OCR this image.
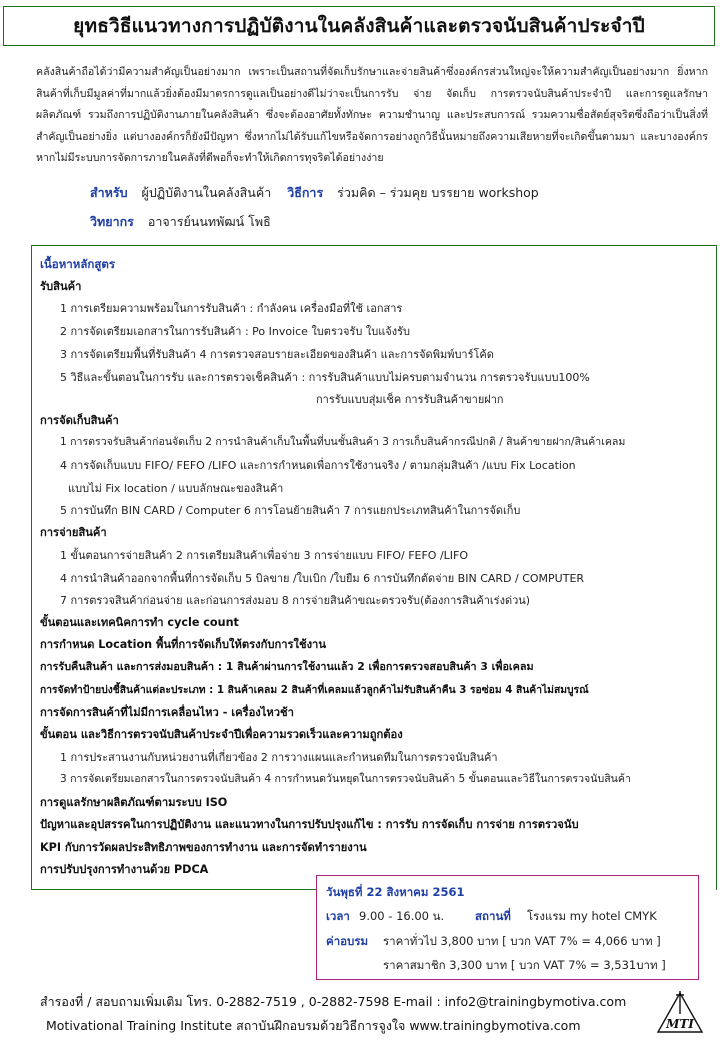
ยุทธวิธีแนวทางการปฏิบัติงานในคลังสินค้าและตรวจนับสินค้าประจำปี
คลังสินค้าถือได้ว่ามีความสำคัญเป็นอย่างมาก เพราะเป็นสถานที่จัดเก็บรักษาและจ่ายสินค้าซึ่งองค์กรส่วนใหญ่จะให้ความสำคัญเป็นอย่างมาก ยิ่งหากสินค้าที่เก็บมีมูลค่าที่มากแล้วยิ่งต้องมีมาตรการดูแลเป็นอย่างดีไม่ว่าจะเป็นการรับ จ่าย จัดเก็บ การตรวจนับสินค้าประจำปี และการดูแลรักษาผลิตภัณฑ์ รวมถึงการปฏิบัติงานภายในคลังสินค้า ซึ่งจะต้องอาศัยทั้งทักษะ ความชำนาญ และประสบการณ์ รวมความซื่อสัตย์สุจริตซึ่งถือว่าเป็นสิ่งที่สำคัญเป็นอย่างยิ่ง แต่บางองค์กรก็ยังมีปัญหา ซึ่งหากไม่ได้รับแก้ไขหรือจัดการอย่างถูกวิธีนั้นหมายถึงความเสียหายที่จะเกิดขึ้นตามมา และบางองค์กรหากไม่มีระบบการจัดการภายในคลังที่ดีพอก็จะทำให้เกิดการทุจริตได้อย่างง่าย
สำหรับ ผู้ปฏิบัติงานในคลังสินค้า วิธีการ ร่วมคิด – ร่วมคุย บรรยาย workshop
วิทยากร อาจารย์นนทพัฒน์ โพธิ
เนื้อหาหลักสูตร
รับสินค้า
1 การเตรียมความพร้อมในการรับสินค้า : กำลังคน เครื่องมือที่ใช้ เอกสาร
2 การจัดเตรียมเอกสารในการรับสินค้า : Po Invoice ใบตรวจรับ ใบแจ้งรับ
3 การจัดเตรียมพื้นที่รับสินค้า 4 การตรวจสอบรายละเอียดของสินค้า และการจัดพิมพ์บาร์โค้ด
5 วิธีและขั้นตอนในการรับ และการตรวจเช็คสินค้า : การรับสินค้าแบบไม่ครบตามจำนวน การตรวจรับแบบ100%
การรับแบบสุ่มเช็ค การรับสินค้าขายฝาก
การจัดเก็บสินค้า
1 การตรวจรับสินค้าก่อนจัดเก็บ 2 การนำสินค้าเก็บในพื้นที่บนชั้นสินค้า 3 การเก็บสินค้ากรณีปกติ / สินค้าขายฝาก/สินค้าเคลม
4 การจัดเก็บแบบ FIFO/ FEFO /LIFO และการกำหนดเพื่อการใช้งานจริง / ตามกลุ่มสินค้า /แบบ Fix Location
แบบไม่ Fix location / แบบลักษณะของสินค้า
5 การบันทึก BIN CARD / Computer 6 การโอนย้ายสินค้า 7 การแยกประเภทสินค้าในการจัดเก็บ
การจ่ายสินค้า
1 ขั้นตอนการจ่ายสินค้า 2 การเตรียมสินค้าเพื่อจ่าย 3 การจ่ายแบบ FIFO/ FEFO /LIFO
4 การนำสินค้าออกจากพื้นที่การจัดเก็บ 5 บิลขาย /ใบเบิก /ใบยืม 6 การบันทึกตัดจ่าย BIN CARD / COMPUTER
7 การตรวจสินค้าก่อนจ่าย และก่อนการส่งมอบ 8 การจ่ายสินค้าขณะตรวจรับ(ต้องการสินค้าเร่งด่วน)
ขั้นตอนและเทคนิคการทำ cycle count
การกำหนด Location พื้นที่การจัดเก็บให้ตรงกับการใช้งาน
การรับคืนสินค้า และการส่งมอบสินค้า : 1 สินค้าผ่านการใช้งานแล้ว 2 เพื่อการตรวจสอบสินค้า 3 เพื่อเคลม
การจัดทำป้ายบ่งชี้สินค้าแต่ละประเภท : 1 สินค้าเคลม 2 สินค้าที่เคลมแล้วลูกค้าไม่รับสินค้าคืน 3 รอซ่อม 4 สินค้าไม่สมบูรณ์
การจัดการสินค้าที่ไม่มีการเคลื่อนไหว - เครื่องไหวช้า
ขั้นตอน และวิธีการตรวจนับสินค้าประจำปีเพื่อความรวดเร็วและความถูกต้อง
1 การประสานงานกับหน่วยงานที่เกี่ยวข้อง 2 การวางแผนและกำหนดทีมในการตรวจนับสินค้า
3 การจัดเตรียมเอกสารในการตรวจนับสินค้า 4 การกำหนดวันหยุดในการตรวจนับสินค้า 5 ขั้นตอนและวิธีในการตรวจนับสินค้า
การดูแลรักษาผลิตภัณฑ์ตามระบบ ISO
ปัญหาและอุปสรรคในการปฏิบัติงาน และแนวทางในการปรับปรุงแก้ไข : การรับ การจัดเก็บ การจ่าย การตรวจนับ
KPI กับการวัดผลประสิทธิภาพของการทำงาน และการจัดทำรายงาน
การปรับปรุงการทำงานด้วย PDCA
วันพุธที่ 22 สิงหาคม 2561
เวลา 9.00 - 16.00 น.	สถานที่ โรงแรม my hotel CMYK
ค่าอบรม ราคาทั่วไป 3,800 บาท [ บวก VAT 7% = 4,066 บาท ]
ราคาสมาชิก 3,300 บาท [ บวก VAT 7% = 3,531บาท ]
สำรองที่ / สอบถามเพิ่มเติม โทร. 0-2882-7519 , 0-2882-7598 E-mail : info2@trainingbymotiva.com
Motivational Training Institute สถาบันฝึกอบรมด้วยวิธีการจูงใจ www.trainingbymotiva.com	MTI
